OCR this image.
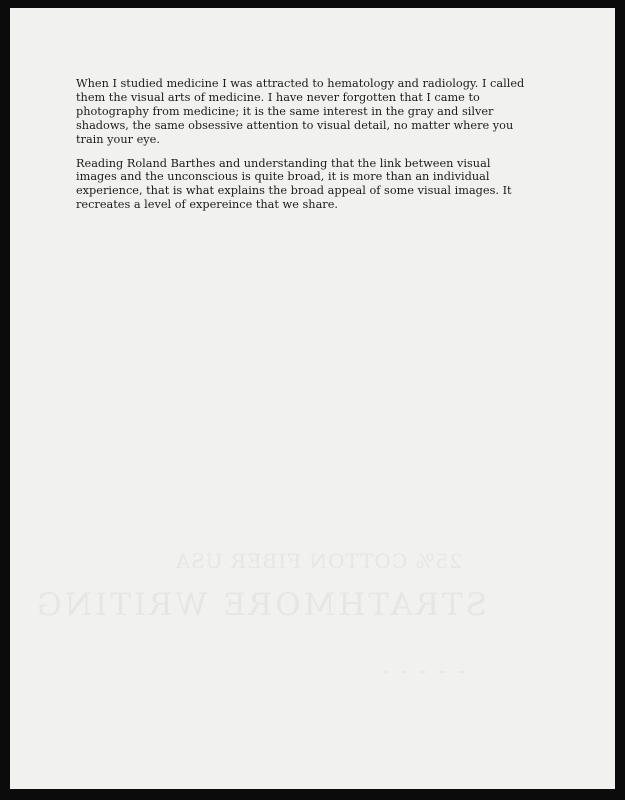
25% COTTON FIBER USA
STRATHMORE WRITING

When I studied medicine I was attracted to hematology and radiology. I called
them the visual arts of medicine. I have never forgotten that I came to
photography from medicine; it is the same interest in the gray and silver
shadows, the same obsessive attention to visual detail, no matter where you
train your eye.

Reading Roland Barthes and understanding that the link between visual
images and the unconscious is quite broad, it is more than an individual
experience, that is what explains the broad appeal of some visual images. It
recreates a level of expereince that we share.
